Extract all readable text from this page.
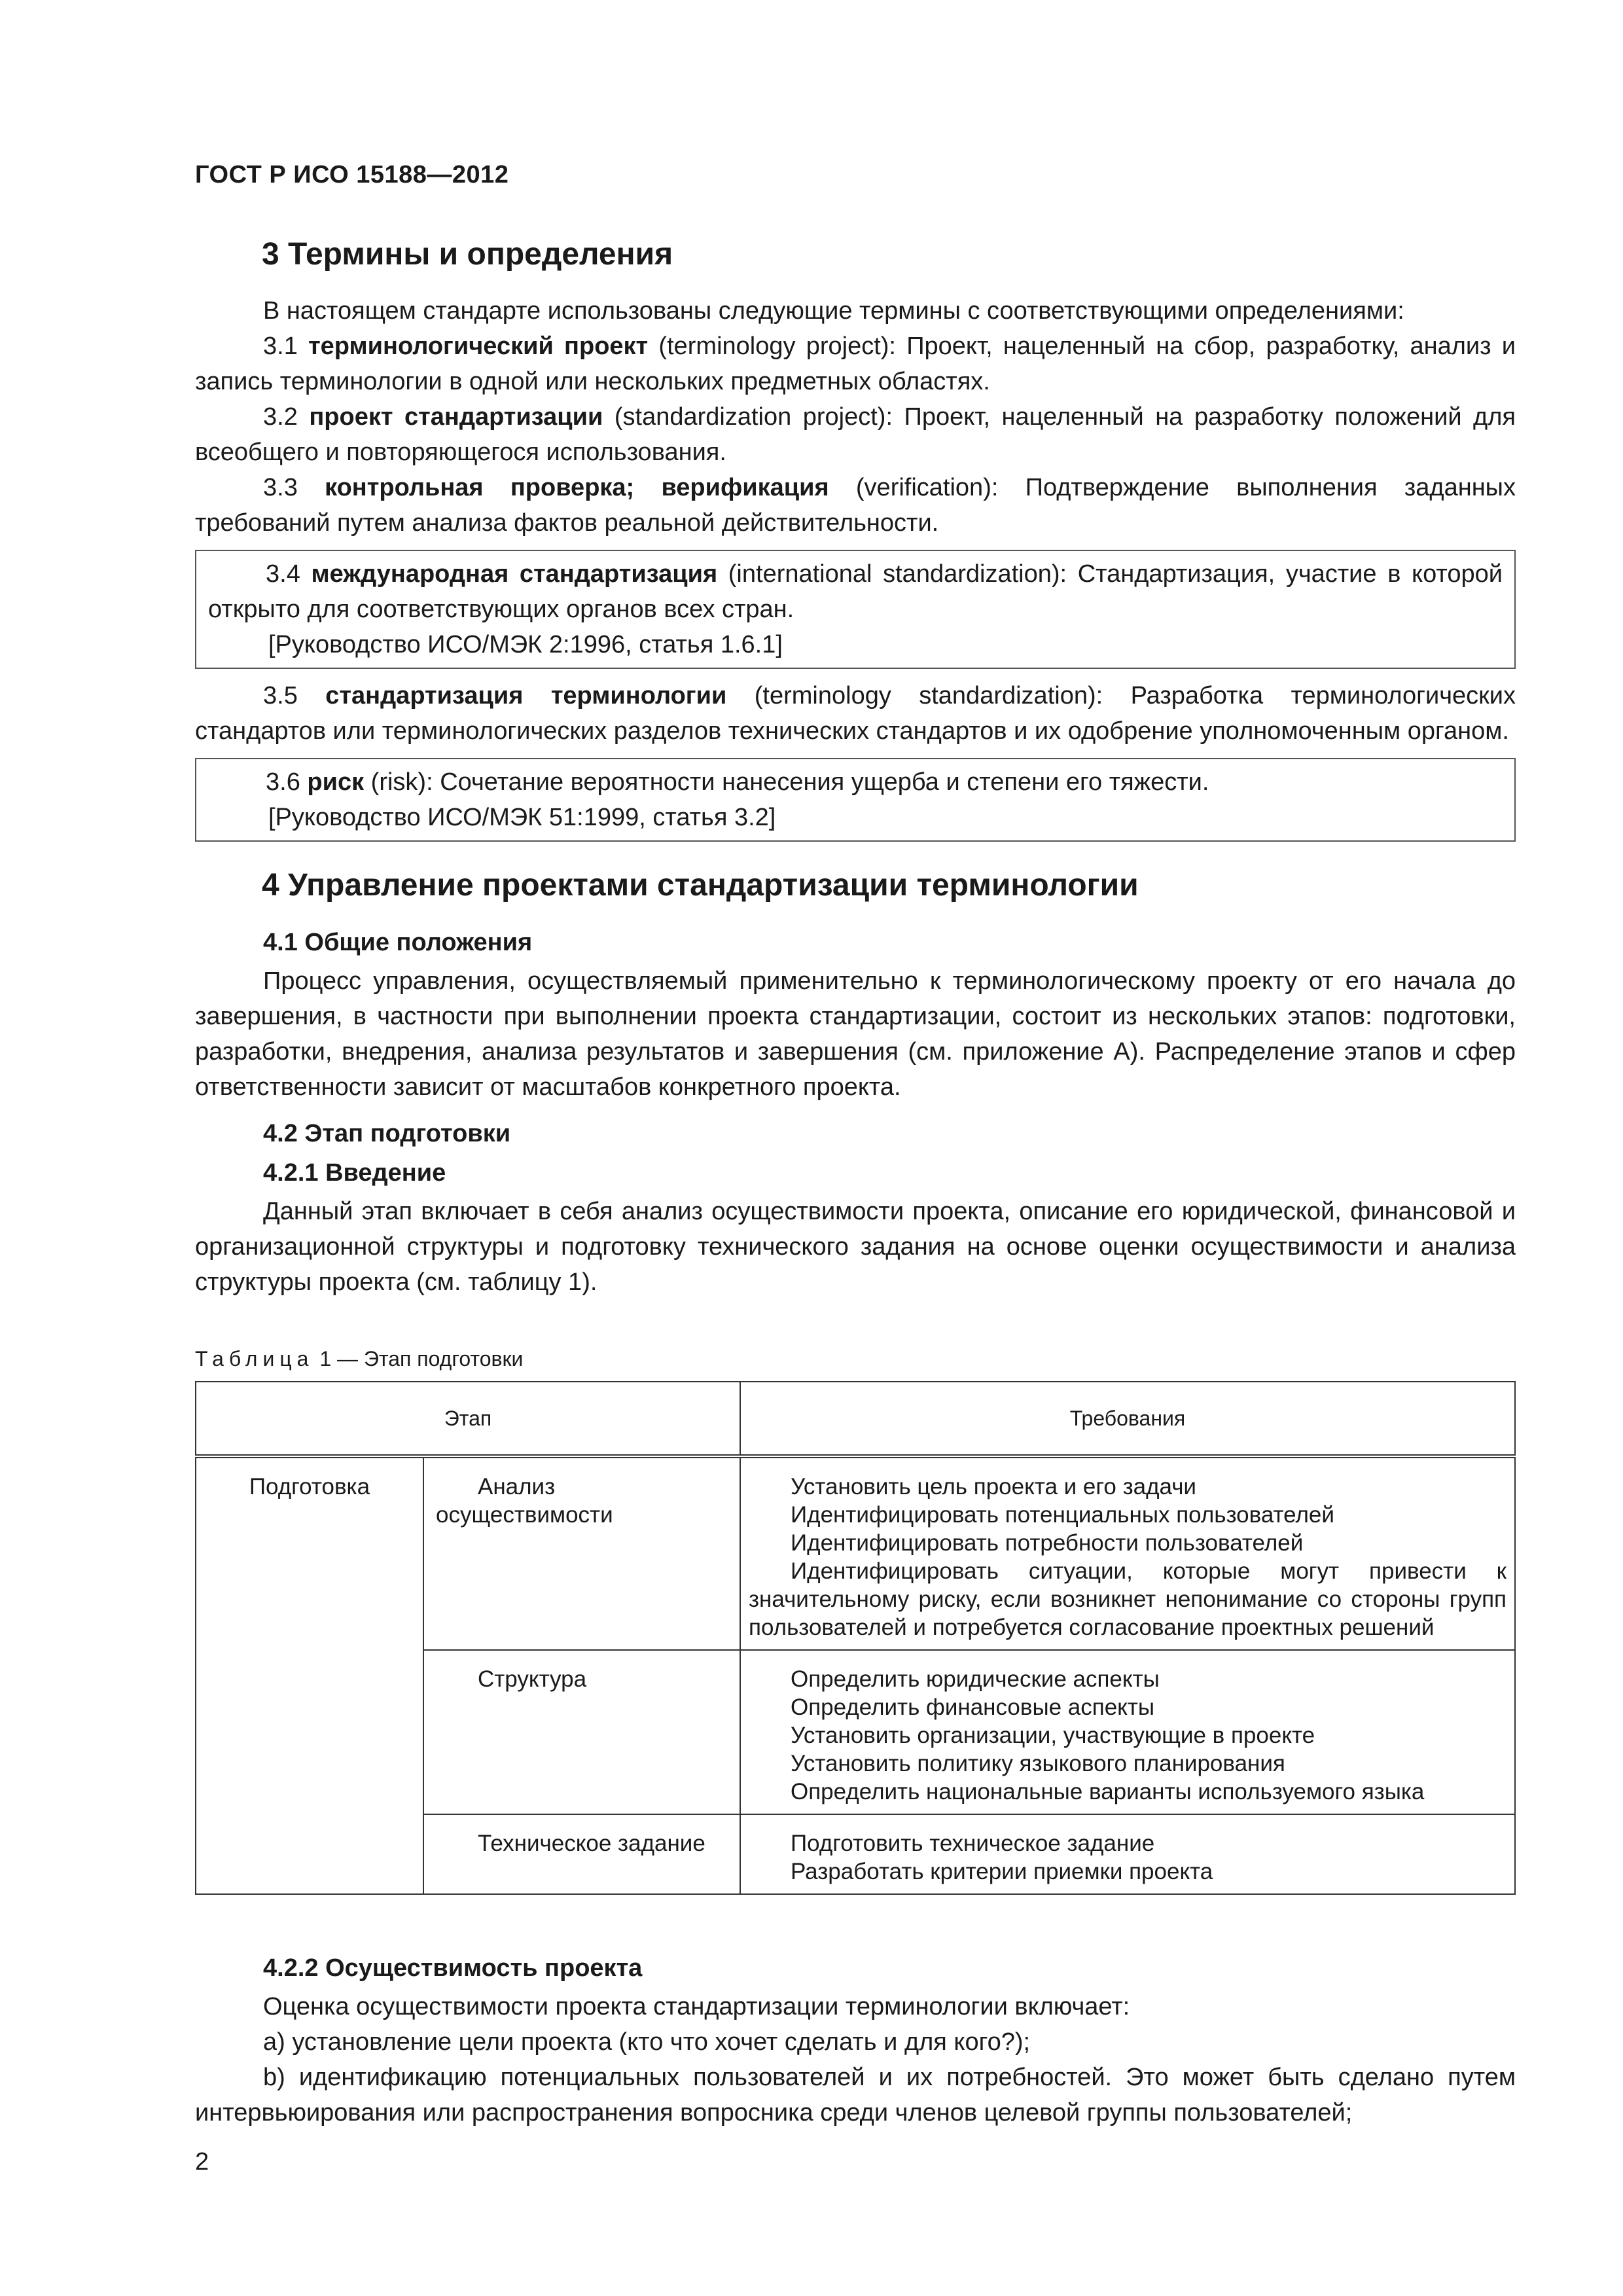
ГОСТ Р ИСО 15188—2012
3 Термины и определения

В настоящем стандарте использованы следующие термины с соответствующими определениями:

3.1 терминологический проект (terminology project): Проект, нацеленный на сбор, разработку, анализ и запись терминологии в одной или нескольких предметных областях.

3.2 проект стандартизации (standardization project): Проект, нацеленный на разработку положений для всеобщего и повторяющегося использования.

3.3 контрольная проверка; верификация (verification): Подтверждение выполнения заданных требований путем анализа фактов реальной действительности.

3.4 международная стандартизация (international standardization): Стандартизация, участие в которой открыто для соответствующих органов всех стран.

[Руководство ИСО/МЭК 2:1996, статья 1.6.1]

3.5 стандартизация терминологии (terminology standardization): Разработка терминологических стандартов или терминологических разделов технических стандартов и их одобрение уполномоченным органом.

3.6 риск (risk): Сочетание вероятности нанесения ущерба и степени его тяжести.

[Руководство ИСО/МЭК 51:1999, статья 3.2]

4 Управление проектами стандартизации терминологии
4.1 Общие положения

Процесс управления, осуществляемый применительно к терминологическому проекту от его начала до завершения, в частности при выполнении проекта стандартизации, состоит из нескольких этапов: подготовки, разработки, внедрения, анализа результатов и завершения (см. приложение А). Распределение этапов и сфер ответственности зависит от масштабов конкретного проекта.

4.2 Этап подготовки
4.2.1 Введение

Данный этап включает в себя анализ осуществимости проекта, описание его юридической, финансовой и организационной структуры и подготовку технического задания на основе оценки осуществимости и анализа структуры проекта (см. таблицу 1).

Таблица 1 — Этап подготовки
Этап		Требования
Подготовка	Анализ осуществимости	Установить цель проекта и его задачи
Идентифицировать потенциальных пользователей
Идентифицировать потребности пользователей
Идентифицировать ситуации, которые могут привести к значительному риску, если возникнет непонимание со стороны групп пользователей и потребуется согласование проектных решений

	Структура	Определить юридические аспекты
Определить финансовые аспекты
Установить организации, участвующие в проекте
Установить политику языкового планирования
Определить национальные варианты используемого языка

	Техническое задание	Подготовить техническое задание
Разработать критерии приемки проекта
4.2.2 Осуществимость проекта

Оценка осуществимости проекта стандартизации терминологии включает:

a) установление цели проекта (кто что хочет сделать и для кого?);

b) идентификацию потенциальных пользователей и их потребностей. Это может быть сделано путем интервьюирования или распространения вопросника среди членов целевой группы пользователей;

2
